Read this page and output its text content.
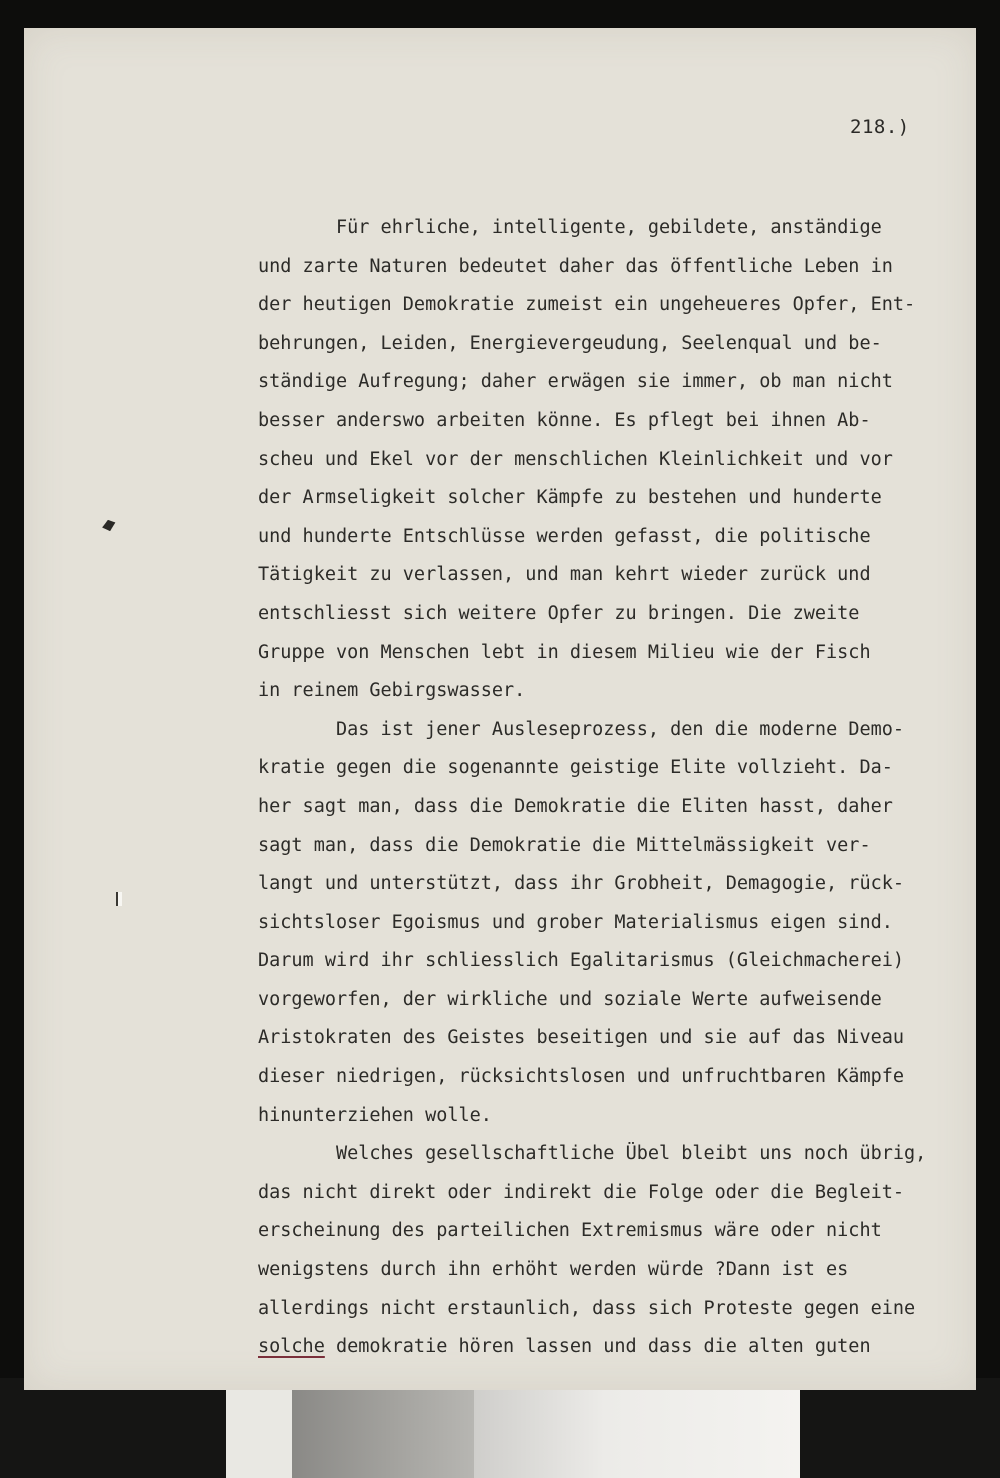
218.)
Für ehrliche, intelligente, gebildete, anständige
und zarte Naturen bedeutet daher das öffentliche Leben in
der heutigen Demokratie zumeist ein ungeheueres Opfer, Ent-
behrungen, Leiden, Energievergeudung, Seelenqual und be-
ständige Aufregung; daher erwägen sie immer, ob man nicht
besser anderswo arbeiten könne. Es pflegt bei ihnen Ab-
scheu und Ekel vor der menschlichen Kleinlichkeit und vor
der Armseligkeit solcher Kämpfe zu bestehen und hunderte
und hunderte Entschlüsse werden gefasst, die politische
Tätigkeit zu verlassen, und man kehrt wieder zurück und
entschliesst sich weitere Opfer zu bringen. Die zweite
Gruppe von Menschen lebt in diesem Milieu wie der Fisch
in reinem Gebirgswasser.
Das ist jener Ausleseprozess, den die moderne Demo-
kratie gegen die sogenannte geistige Elite vollzieht. Da-
her sagt man, dass die Demokratie die Eliten hasst, daher
sagt man, dass die Demokratie die Mittelmässigkeit ver-
langt und unterstützt, dass ihr Grobheit, Demagogie, rück-
sichtsloser Egoismus und grober Materialismus eigen sind.
Darum wird ihr schliesslich Egalitarismus (Gleichmacherei)
vorgeworfen, der wirkliche und soziale Werte aufweisende
Aristokraten des Geistes beseitigen und sie auf das Niveau
dieser niedrigen, rücksichtslosen und unfruchtbaren Kämpfe
hinunterziehen wolle.
Welches gesellschaftliche Übel bleibt uns noch übrig,
das nicht direkt oder indirekt die Folge oder die Begleit-
erscheinung des parteilichen Extremismus wäre oder nicht
wenigstens durch ihn erhöht werden würde ?Dann ist es
allerdings nicht erstaunlich, dass sich Proteste gegen eine
solche demokratie hören lassen und dass die alten guten
